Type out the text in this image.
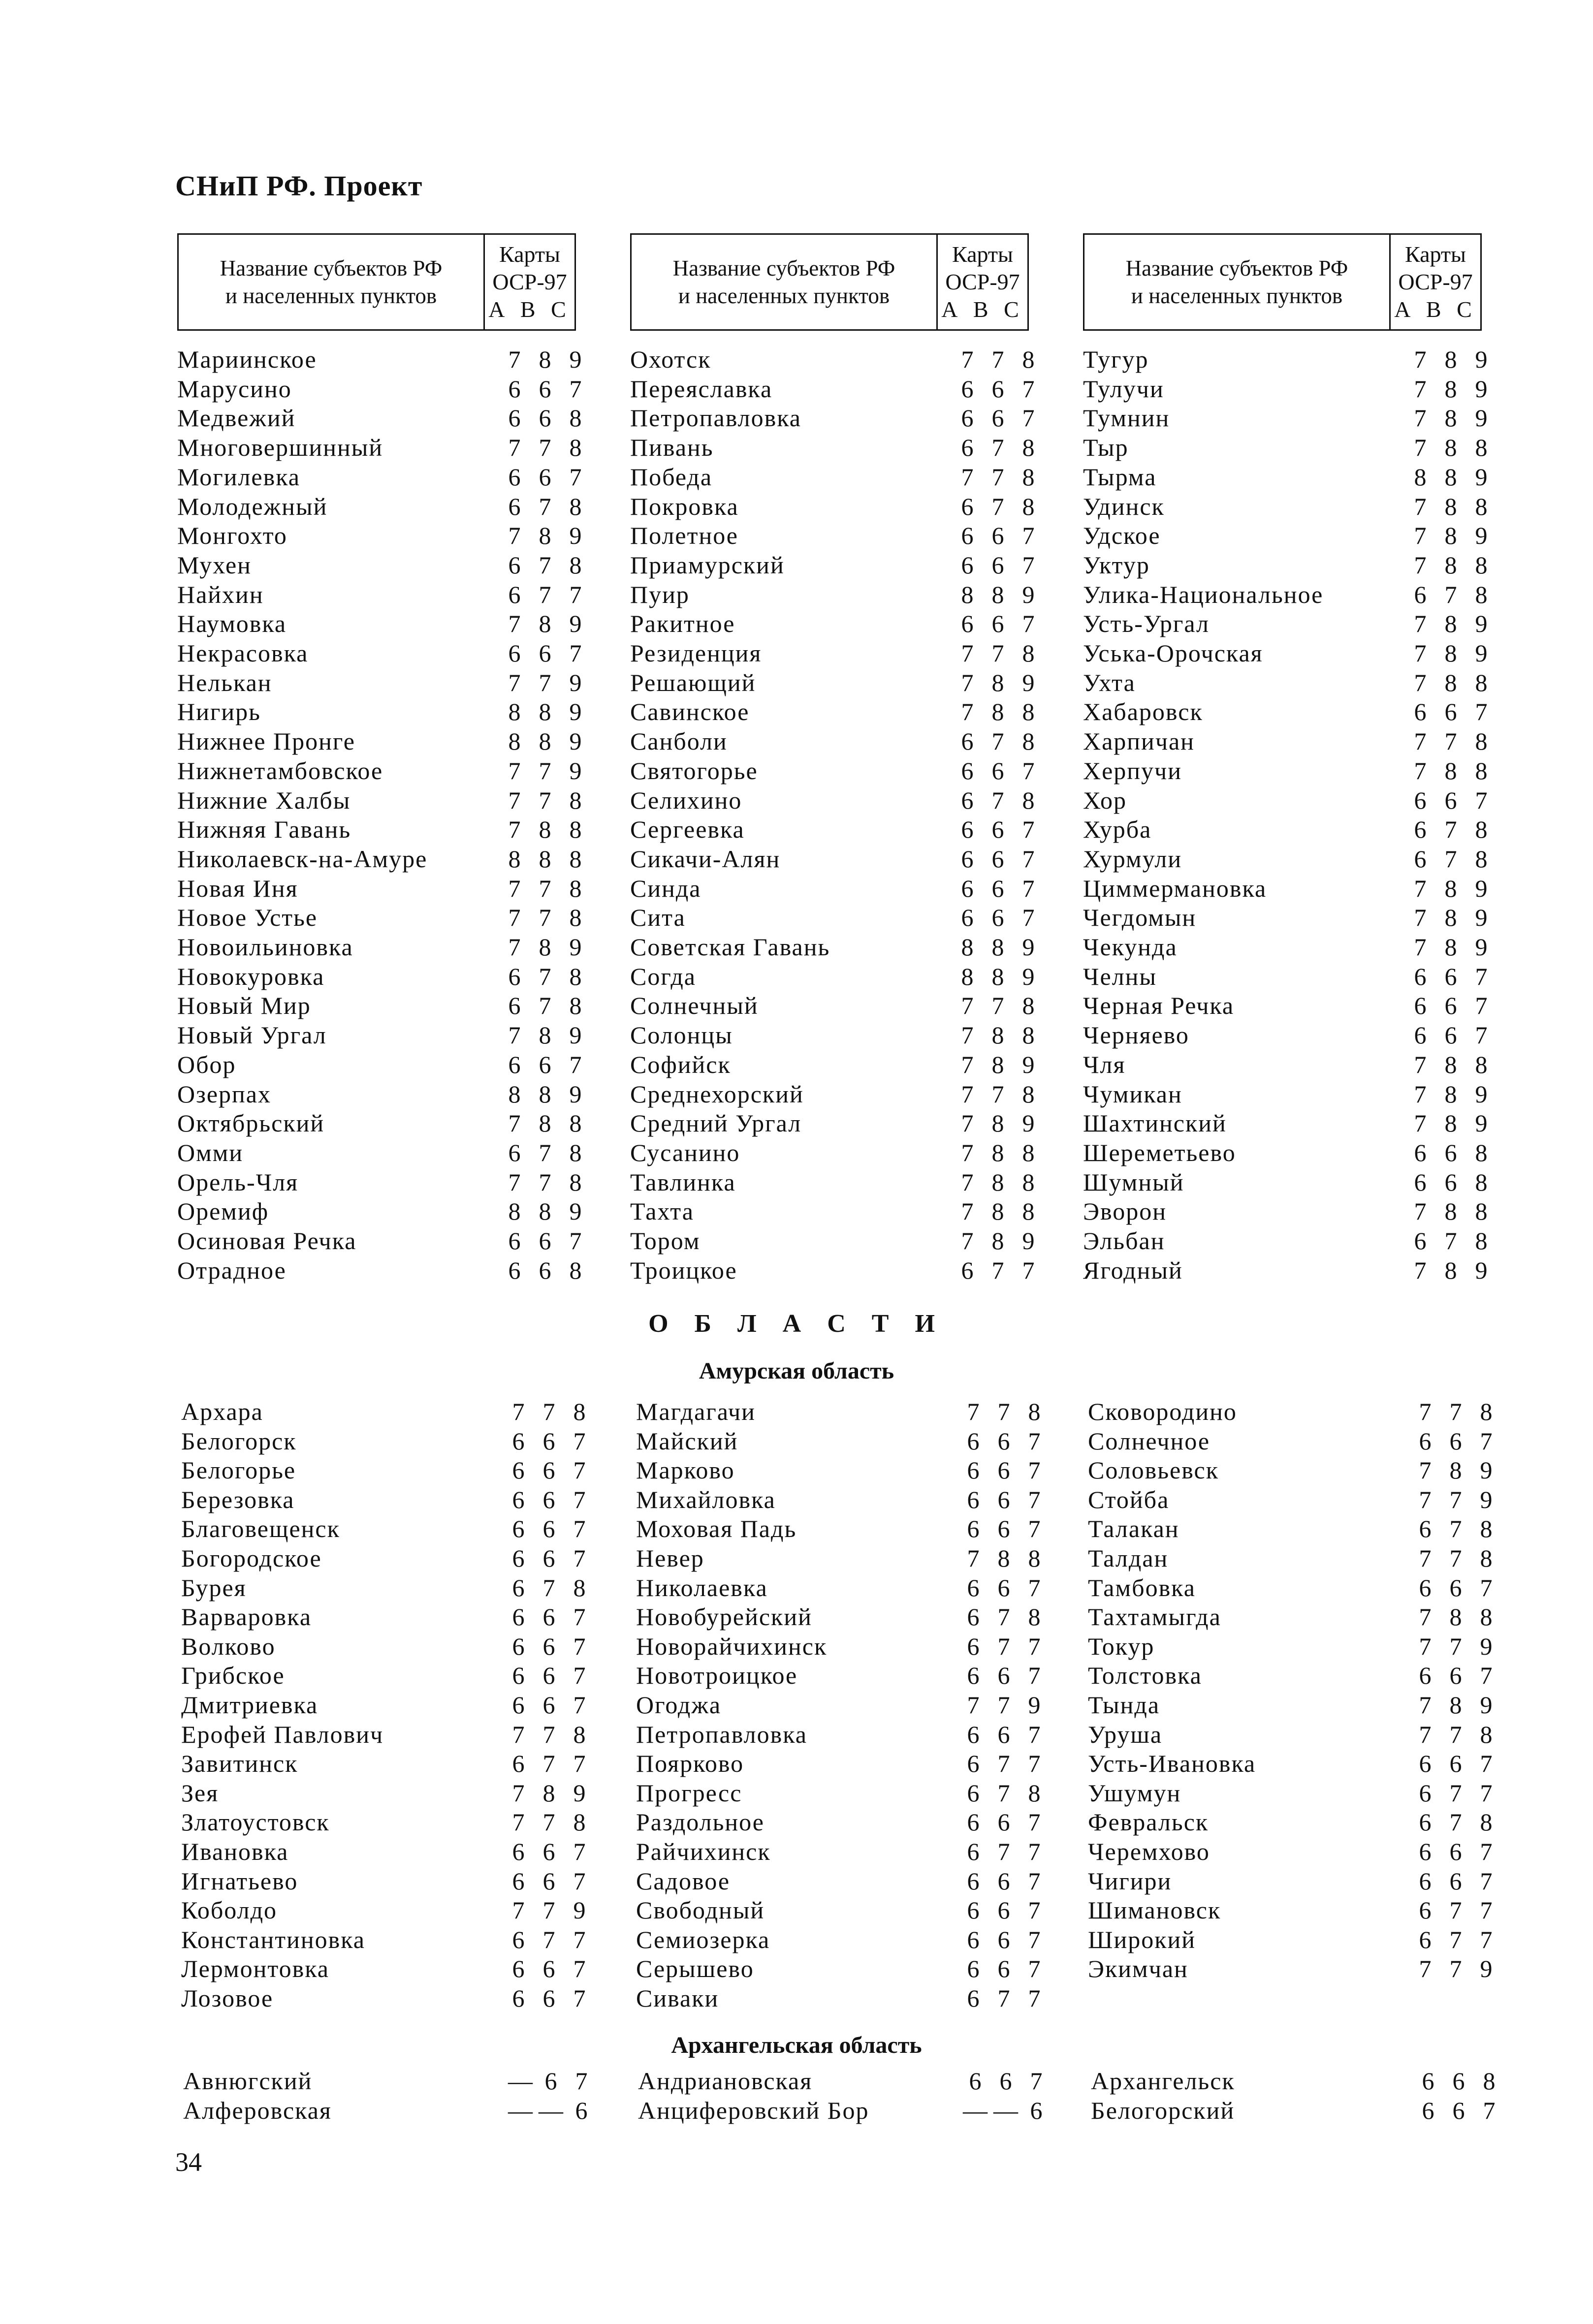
СНиП РФ. Проект
Название субъектов РФ
и населенных пунктов
Карты
ОСР-97
А В С
Название субъектов РФ
и населенных пунктов
Карты
ОСР-97
А В С
Название субъектов РФ
и населенных пунктов
Карты
ОСР-97
А В С
Мариинское	7 8 9
Марусино	6 6 7
Медвежий	6 6 8
Многовершинный	7 7 8
Могилевка	6 6 7
Молодежный	6 7 8
Монгохто	7 8 9
Мухен	6 7 8
Найхин	6 7 7
Наумовка	7 8 9
Некрасовка	6 6 7
Нелькан	7 7 9
Нигирь	8 8 9
Нижнее Пронге	8 8 9
Нижнетамбовское	7 7 9
Нижние Халбы	7 7 8
Нижняя Гавань	7 8 8
Николаевск-на-Амуре	8 8 8
Новая Иня	7 7 8
Новое Устье	7 7 8
Новоильиновка	7 8 9
Новокуровка	6 7 8
Новый Мир	6 7 8
Новый Ургал	7 8 9
Обор	6 6 7
Озерпах	8 8 9
Октябрьский	7 8 8
Омми	6 7 8
Орель-Чля	7 7 8
Оремиф	8 8 9
Осиновая Речка	6 6 7
Отрадное	6 6 8
Охотск	7 7 8
Переяславка	6 6 7
Петропавловка	6 6 7
Пивань	6 7 8
Победа	7 7 8
Покровка	6 7 8
Полетное	6 6 7
Приамурский	6 6 7
Пуир	8 8 9
Ракитное	6 6 7
Резиденция	7 7 8
Решающий	7 8 9
Савинское	7 8 8
Санболи	6 7 8
Святогорье	6 6 7
Селихино	6 7 8
Сергеевка	6 6 7
Сикачи-Алян	6 6 7
Синда	6 6 7
Сита	6 6 7
Советская Гавань	8 8 9
Согда	8 8 9
Солнечный	7 7 8
Солонцы	7 8 8
Софийск	7 8 9
Среднехорский	7 7 8
Средний Ургал	7 8 9
Сусанино	7 8 8
Тавлинка	7 8 8
Тахта	7 8 8
Тором	7 8 9
Троицкое	6 7 7
Тугур	7 8 9
Тулучи	7 8 9
Тумнин	7 8 9
Тыр	7 8 8
Тырма	8 8 9
Удинск	7 8 8
Удское	7 8 9
Уктур	7 8 8
Улика-Национальное	6 7 8
Усть-Ургал	7 8 9
Уська-Орочская	7 8 9
Ухта	7 8 8
Хабаровск	6 6 7
Харпичан	7 7 8
Херпучи	7 8 8
Хор	6 6 7
Хурба	6 7 8
Хурмули	6 7 8
Циммермановка	7 8 9
Чегдомын	7 8 9
Чекунда	7 8 9
Челны	6 6 7
Черная Речка	6 6 7
Черняево	6 6 7
Чля	7 8 8
Чумикан	7 8 9
Шахтинский	7 8 9
Шереметьево	6 6 8
Шумный	6 6 8
Эворон	7 8 8
Эльбан	6 7 8
Ягодный	7 8 9
О Б Л А С Т И
Амурская область
Архара	7 7 8
Белогорск	6 6 7
Белогорье	6 6 7
Березовка	6 6 7
Благовещенск	6 6 7
Богородское	6 6 7
Бурея	6 7 8
Варваровка	6 6 7
Волково	6 6 7
Грибское	6 6 7
Дмитриевка	6 6 7
Ерофей Павлович	7 7 8
Завитинск	6 7 7
Зея	7 8 9
Златоустовск	7 7 8
Ивановка	6 6 7
Игнатьево	6 6 7
Коболдо	7 7 9
Константиновка	6 7 7
Лермонтовка	6 6 7
Лозовое	6 6 7
Магдагачи	7 7 8
Майский	6 6 7
Марково	6 6 7
Михайловка	6 6 7
Моховая Падь	6 6 7
Невер	7 8 8
Николаевка	6 6 7
Новобурейский	6 7 8
Новорайчихинск	6 7 7
Новотроицкое	6 6 7
Огоджа	7 7 9
Петропавловка	6 6 7
Поярково	6 7 7
Прогресс	6 7 8
Раздольное	6 6 7
Райчихинск	6 7 7
Садовое	6 6 7
Свободный	6 6 7
Семиозерка	6 6 7
Серышево	6 6 7
Сиваки	6 7 7
Сковородино	7 7 8
Солнечное	6 6 7
Соловьевск	7 8 9
Стойба	7 7 9
Талакан	6 7 8
Талдан	7 7 8
Тамбовка	6 6 7
Тахтамыгда	7 8 8
Токур	7 7 9
Толстовка	6 6 7
Тында	7 8 9
Уруша	7 7 8
Усть-Ивановка	6 6 7
Ушумун	6 7 7
Февральск	6 7 8
Черемхово	6 6 7
Чигири	6 6 7
Шимановск	6 7 7
Широкий	6 7 7
Экимчан	7 7 9
Архангельская область
Авнюгский	— 6 7
Алферовская	— — 6
Андриановская	6 6 7
Анциферовский Бор	— — 6
Архангельск	6 6 8
Белогорский	6 6 7
34
